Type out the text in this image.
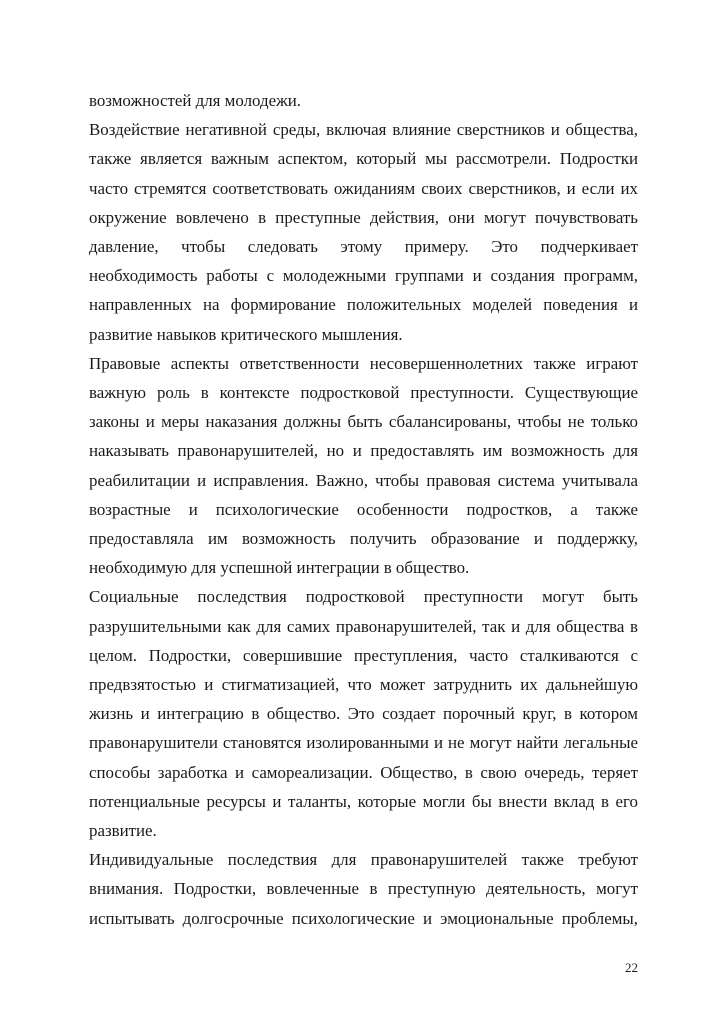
возможностей для молодежи.

Воздействие негативной среды, включая влияние сверстников и общества, также является важным аспектом, который мы рассмотрели. Подростки часто стремятся соответствовать ожиданиям своих сверстников, и если их окружение вовлечено в преступные действия, они могут почувствовать давление, чтобы следовать этому примеру. Это подчеркивает необходимость работы с молодежными группами и создания программ, направленных на формирование положительных моделей поведения и развитие навыков критического мышления.

Правовые аспекты ответственности несовершеннолетних также играют важную роль в контексте подростковой преступности. Существующие законы и меры наказания должны быть сбалансированы, чтобы не только наказывать правонарушителей, но и предоставлять им возможность для реабилитации и исправления. Важно, чтобы правовая система учитывала возрастные и психологические особенности подростков, а также предоставляла им возможность получить образование и поддержку, необходимую для успешной интеграции в общество.

Социальные последствия подростковой преступности могут быть разрушительными как для самих правонарушителей, так и для общества в целом. Подростки, совершившие преступления, часто сталкиваются с предвзятостью и стигматизацией, что может затруднить их дальнейшую жизнь и интеграцию в общество. Это создает порочный круг, в котором правонарушители становятся изолированными и не могут найти легальные способы заработка и самореализации. Общество, в свою очередь, теряет потенциальные ресурсы и таланты, которые могли бы внести вклад в его развитие.

Индивидуальные последствия для правонарушителей также требуют внимания. Подростки, вовлеченные в преступную деятельность, могут испытывать долгосрочные психологические и эмоциональные проблемы,

22
